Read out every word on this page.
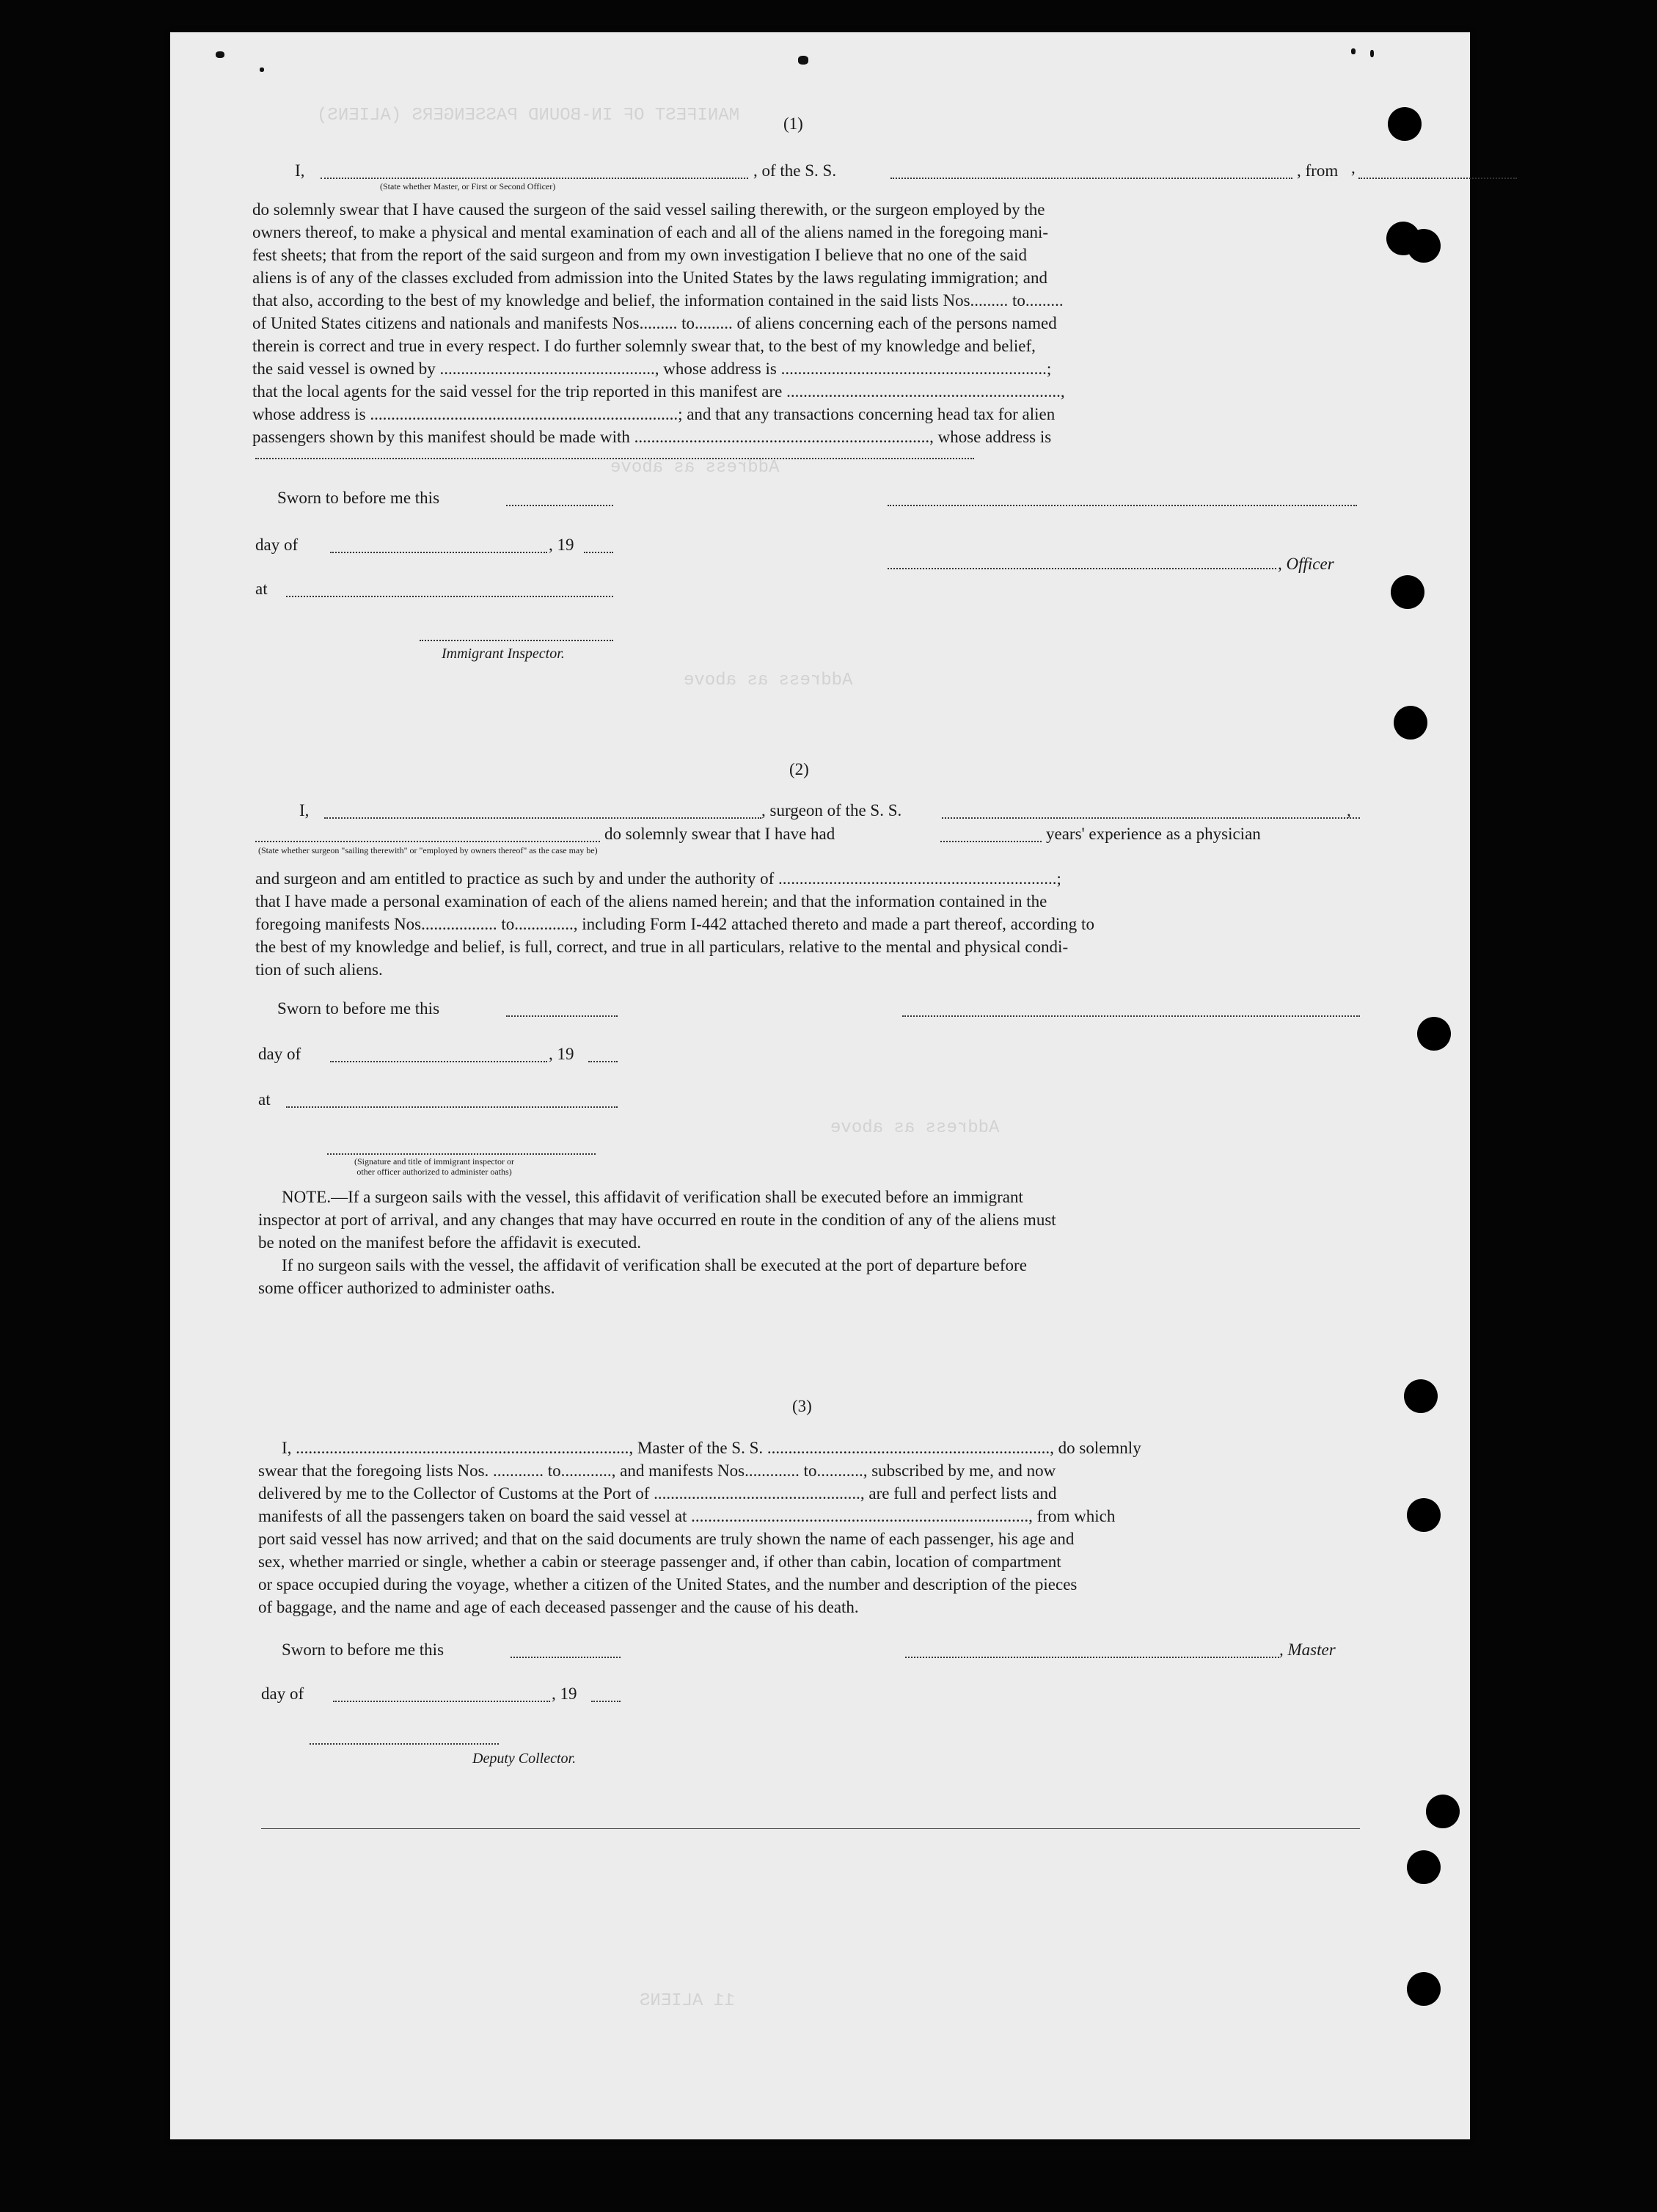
MANIFEST OF IN-BOUND PASSENGERS (ALIENS)
Address as above
Address as above
Address as above
11 ALIENS
(1)
I,	, of the S. S.	, from ,
(State whether Master, or First or Second Officer)
do solemnly swear that I have caused the surgeon of the said vessel sailing therewith, or the surgeon employed by the
owners thereof, to make a physical and mental examination of each and all of the aliens named in the foregoing mani-
fest sheets; that from the report of the said surgeon and from my own investigation I believe that no one of the said
aliens is of any of the classes excluded from admission into the United States by the laws regulating immigration; and
that also, according to the best of my knowledge and belief, the information contained in the said lists Nos......... to.........
of United States citizens and nationals and manifests Nos......... to......... of aliens concerning each of the persons named
therein is correct and true in every respect. I do further solemnly swear that, to the best of my knowledge and belief,
the said vessel is owned by ..................................................., whose address is ...............................................................;
that the local agents for the said vessel for the trip reported in this manifest are .................................................................,
whose address is .........................................................................; and that any transactions concerning head tax for alien
passengers shown by this manifest should be made with ......................................................................, whose address is
Sworn to before me this
day of	, 19
, Officer
at
Immigrant Inspector.
(2)
I,	, surgeon of the S. S.	,
do solemnly swear that I have had	years' experience as a physician
(State whether surgeon "sailing therewith" or "employed by owners thereof" as the case may be)
and surgeon and am entitled to practice as such by and under the authority of ..................................................................;
that I have made a personal examination of each of the aliens named herein; and that the information contained in the
foregoing manifests Nos.................. to.............., including Form I-442 attached thereto and made a part thereof, according to
the best of my knowledge and belief, is full, correct, and true in all particulars, relative to the mental and physical condi-
tion of such aliens.
Sworn to before me this
day of	, 19
at
(Signature and title of immigrant inspector or
other officer authorized to administer oaths)
NOTE.—If a surgeon sails with the vessel, this affidavit of verification shall be executed before an immigrant
inspector at port of arrival, and any changes that may have occurred en route in the condition of any of the aliens must
be noted on the manifest before the affidavit is executed.
If no surgeon sails with the vessel, the affidavit of verification shall be executed at the port of departure before
some officer authorized to administer oaths.
(3)
I, ..............................................................................., Master of the S. S. ..................................................................., do solemnly
swear that the foregoing lists Nos. ............ to............, and manifests Nos............. to..........., subscribed by me, and now
delivered by me to the Collector of Customs at the Port of ................................................., are full and perfect lists and
manifests of all the passengers taken on board the said vessel at ................................................................................, from which
port said vessel has now arrived; and that on the said documents are truly shown the name of each passenger, his age and
sex, whether married or single, whether a cabin or steerage passenger and, if other than cabin, location of compartment
or space occupied during the voyage, whether a citizen of the United States, and the number and description of the pieces
of baggage, and the name and age of each deceased passenger and the cause of his death.
Sworn to before me this	, Master
day of	, 19
Deputy Collector.
